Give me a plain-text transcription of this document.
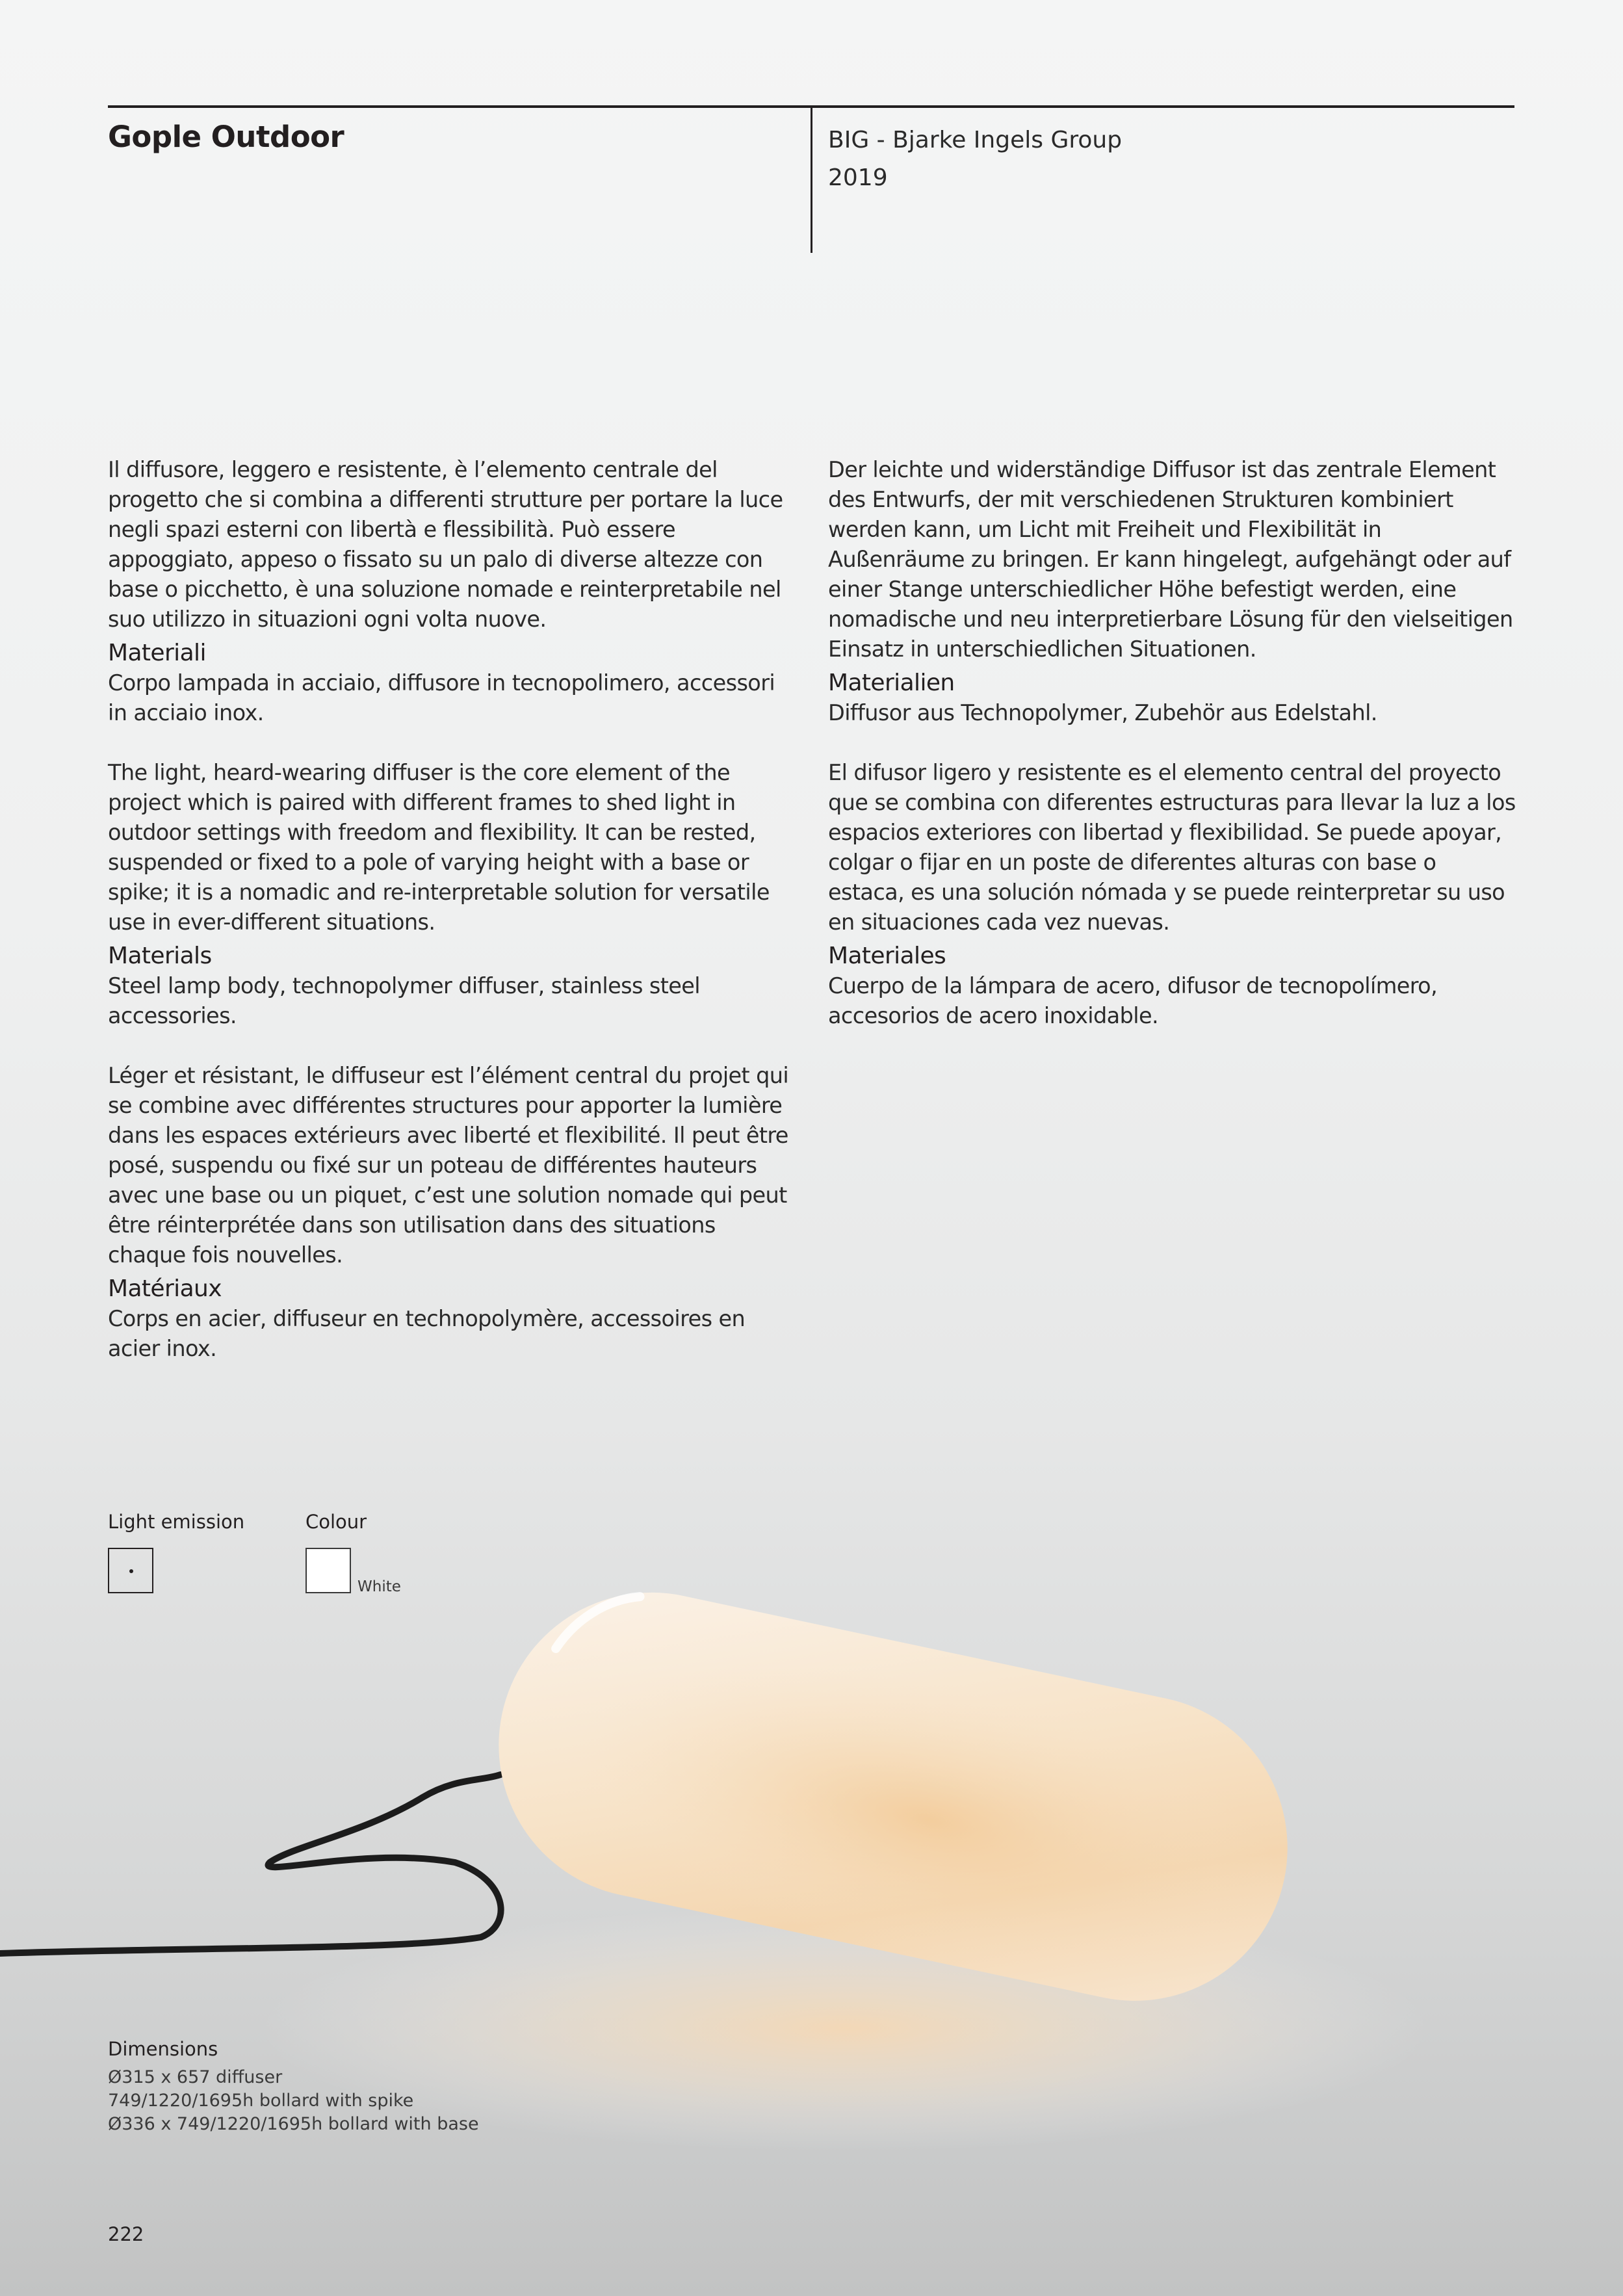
Gople Outdoor	BIG - Bjarke Ingels Group
2019

Il diffusore, leggero e resistente, è l’elemento centrale del progetto che si combina a differenti strutture per portare la luce negli spazi esterni con libertà e flessibilità. Può essere appoggiato, appeso o fissato su un palo di diverse altezze con base o picchetto, è una soluzione nomade e reinterpretabile nel suo utilizzo in situazioni ogni volta nuove.

Materiali

Corpo lampada in acciaio, diffusore in tecnopolimero, accessori in acciaio inox.

The light, heard-wearing diffuser is the core element of the project which is paired with different frames to shed light in outdoor settings with freedom and flexibility. It can be rested, suspended or fixed to a pole of varying height with a base or spike; it is a nomadic and re-interpretable solution for versatile use in ever-different situations.

Materials

Steel lamp body, technopolymer diffuser, stainless steel accessories.

Léger et résistant, le diffuseur est l’élément central du projet qui se combine avec différentes structures pour apporter la lumière dans les espaces extérieurs avec liberté et flexibilité. Il peut être posé, suspendu ou fixé sur un poteau de différentes hauteurs avec une base ou un piquet, c’est une solution nomade qui peut être réinterprétée dans son utilisation dans des situations chaque fois nouvelles.

Matériaux

Corps en acier, diffuseur en technopolymère, accessoires en acier inox.

Der leichte und widerständige Diffusor ist das zentrale Element des Entwurfs, der mit verschiedenen Strukturen kombiniert werden kann, um Licht mit Freiheit und Flexibilität in Außenräume zu bringen. Er kann hingelegt, aufgehängt oder auf einer Stange unterschiedlicher Höhe befestigt werden, eine nomadische und neu interpretierbare Lösung für den vielseitigen Einsatz in unterschiedlichen Situationen.

Materialien

Diffusor aus Technopolymer, Zubehör aus Edelstahl.

El difusor ligero y resistente es el elemento central del proyecto que se combina con diferentes estructuras para llevar la luz a los espacios exteriores con libertad y flexibilidad. Se puede apoyar, colgar o fijar en un poste de diferentes alturas con base o estaca, es una solución nómada y se puede reinterpretar su uso en situaciones cada vez nuevas.

Materiales

Cuerpo de la lámpara de acero, difusor de tecnopolímero, accesorios de acero inoxidable.

Light emission	Colour
White
Dimensions
Ø315 x 657 diffuser
749/1220/1695h bollard with spike
Ø336 x 749/1220/1695h bollard with base
222
